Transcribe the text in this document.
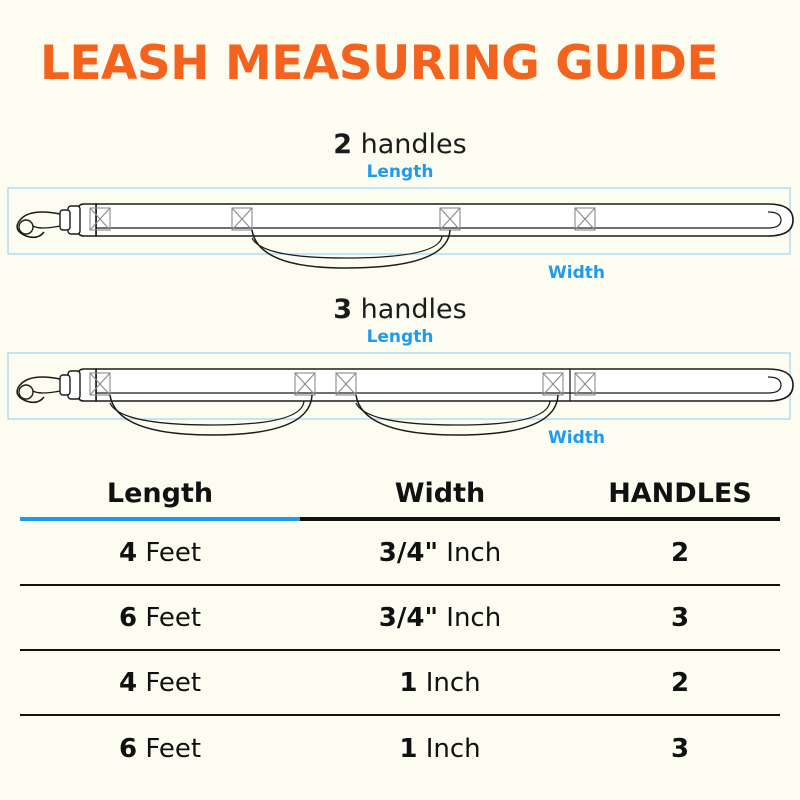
LEASH MEASURING GUIDE
2 handles
Length
Width
3 handles
Length
Width
Length	Width	HANDLES
4 Feet	3/4" Inch	2
6 Feet	3/4" Inch	3
4 Feet	1 Inch	2
6 Feet	1 Inch	3
